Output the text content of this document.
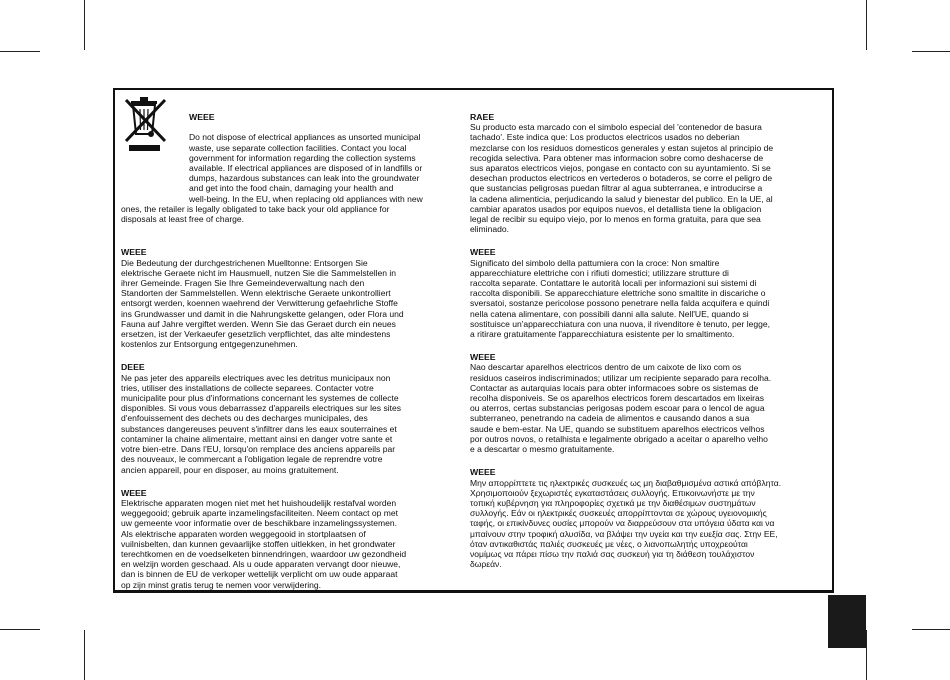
WEEE

Do not dispose of electrical appliances as unsorted municipal
waste, use separate collection facilities. Contact you local
government for information regarding the collection systems
available. If electrical appliances are disposed of in landfills or
dumps, hazardous substances can leak into the groundwater
and get into the food chain, damaging your health and
well-being. In the EU, when replacing old appliances with new
ones, the retailer is legally obligated to take back your old appliance for
disposals at least free of charge.

WEEE
Die Bedeutung der durchgestrichenen Muelltonne: Entsorgen Sie
elektrische Geraete nicht im Hausmuell, nutzen Sie die Sammelstellen in
ihrer Gemeinde. Fragen Sie Ihre Gemeindeverwaltung nach den
Standorten der Sammelstellen. Wenn elektrische Geraete unkontrolliert
entsorgt werden, koennen waehrend der Verwitterung gefaehrliche Stoffe
ins Grundwasser und damit in die Nahrungskette gelangen, oder Flora und
Fauna auf Jahre vergiftet werden. Wenn Sie das Geraet durch ein neues
ersetzen, ist der Verkaeufer gesetzlich verpflichtet, das alte mindestens
kostenlos zur Entsorgung entgegenzunehmen.
DEEE
Ne pas jeter des appareils electriques avec les detritus municipaux non
tries, utiliser des installations de collecte separees. Contacter votre
municipalite pour plus d'informations concernant les systemes de collecte
disponibles. Si vous vous debarrassez d'appareils electriques sur les sites
d'enfouissement des dechets ou des decharges municipales, des
substances dangereuses peuvent s'infiltrer dans les eaux souterraines et
contaminer la chaine alimentaire, mettant ainsi en danger votre sante et
votre bien-etre. Dans l'EU, lorsqu'on remplace des anciens appareils par
des nouveaux, le commercant a l'obligation legale de reprendre votre
ancien appareil, pour en disposer, au moins gratuitement.
WEEE
Elektrische apparaten mogen niet met het huishoudelijk restafval worden
weggegooid; gebruik aparte inzamelingsfaciliteiten. Neem contact op met
uw gemeente voor informatie over de beschikbare inzamelingssystemen.
Als elektrische apparaten worden weggegooid in stortplaatsen of
vuilnisbelten, dan kunnen gevaarlijke stoffen uitlekken, in het grondwater
terechtkomen en de voedselketen binnendringen, waardoor uw gezondheid
en welzijn worden geschaad. Als u oude apparaten vervangt door nieuwe,
dan is binnen de EU de verkoper wettelijk verplicht om uw oude apparaat
op zijn minst gratis terug te nemen voor verwijdering.
RAEE
Su producto esta marcado con el simbolo especial del 'contenedor de basura
tachado'. Este indica que: Los productos electricos usados no deberian
mezclarse con los residuos domesticos generales y estan sujetos al principio de
recogida selectiva. Para obtener mas informacion sobre como deshacerse de
sus aparatos electricos viejos, pongase en contacto con su ayuntamiento. Si se
desechan productos electricos en vertederos o botaderos, se corre el peligro de
que sustancias peligrosas puedan filtrar al agua subterranea, e introducirse a
la cadena alimenticia, perjudicando la salud y bienestar del publico. En la UE, al
cambiar aparatos usados por equipos nuevos, el detallista tiene la obligacion
legal de recibir su equipo viejo, por lo menos en forma gratuita, para que sea
eliminado.
WEEE
Significato del simbolo della pattumiera con la croce: Non smaltire
apparecchiature elettriche con i rifiuti domestici; utilizzare strutture di
raccolta separate. Contattare le autorità locali per informazioni sui sistemi di
raccolta disponibili. Se apparecchiature elettriche sono smaltite in discariche o
sversatoi, sostanze pericolose possono penetrare nella falda acquifera e quindi
nella catena alimentare, con possibili danni alla salute. Nell'UE, quando si
sostituisce un'apparecchiatura con una nuova, il rivenditore è tenuto, per legge,
a ritirare gratuitamente l'apparecchiatura esistente per lo smaltimento.
WEEE
Nao descartar aparelhos electricos dentro de um caixote de lixo com os
residuos caseiros indiscriminados; utilizar um recipiente separado para recolha.
Contactar as autarquias locais para obter informacoes sobre os sistemas de
recolha disponiveis. Se os aparelhos electricos forem descartados em lixeiras
ou aterros, certas substancias perigosas podem escoar para o lencol de agua
subterraneo, penetrando na cadeia de alimentos e causando danos a sua
saude e bem-estar. Na UE, quando se substituem aparelhos electricos velhos
por outros novos, o retalhista e legalmente obrigado a aceitar o aparelho velho
e a descartar o mesmo gratuitamente.
WEEE
Μην απορρίπτετε τις ηλεκτρικές συσκευές ως μη διαβαθμισμένα αστικά απόβλητα.
Χρησιμοποιούν ξεχωριστές εγκαταστάσεις συλλογής. Επικοινωνήστε με την
τοπική κυβέρνηση για πληροφορίες σχετικά με την διαθέσιμων συστημάτων
συλλογής. Εάν οι ηλεκτρικές συσκευές απορρίπτονται σε χώρους υγειονομικής
ταφής, οι επικίνδυνες ουσίες μπορούν να διαρρεύσουν στα υπόγεια ύδατα και να
μπαίνουν στην τροφική αλυσίδα, να βλάψει την υγεία και την ευεξία σας. Στην ΕΕ,
όταν αντικαθιστάς παλιές συσκευές με νέες, ο λιανοπωλητής υποχρεούται
νομίμως να πάρει πίσω την παλιά σας συσκευή για τη διάθεση τουλάχιστον
δωρεάν.
